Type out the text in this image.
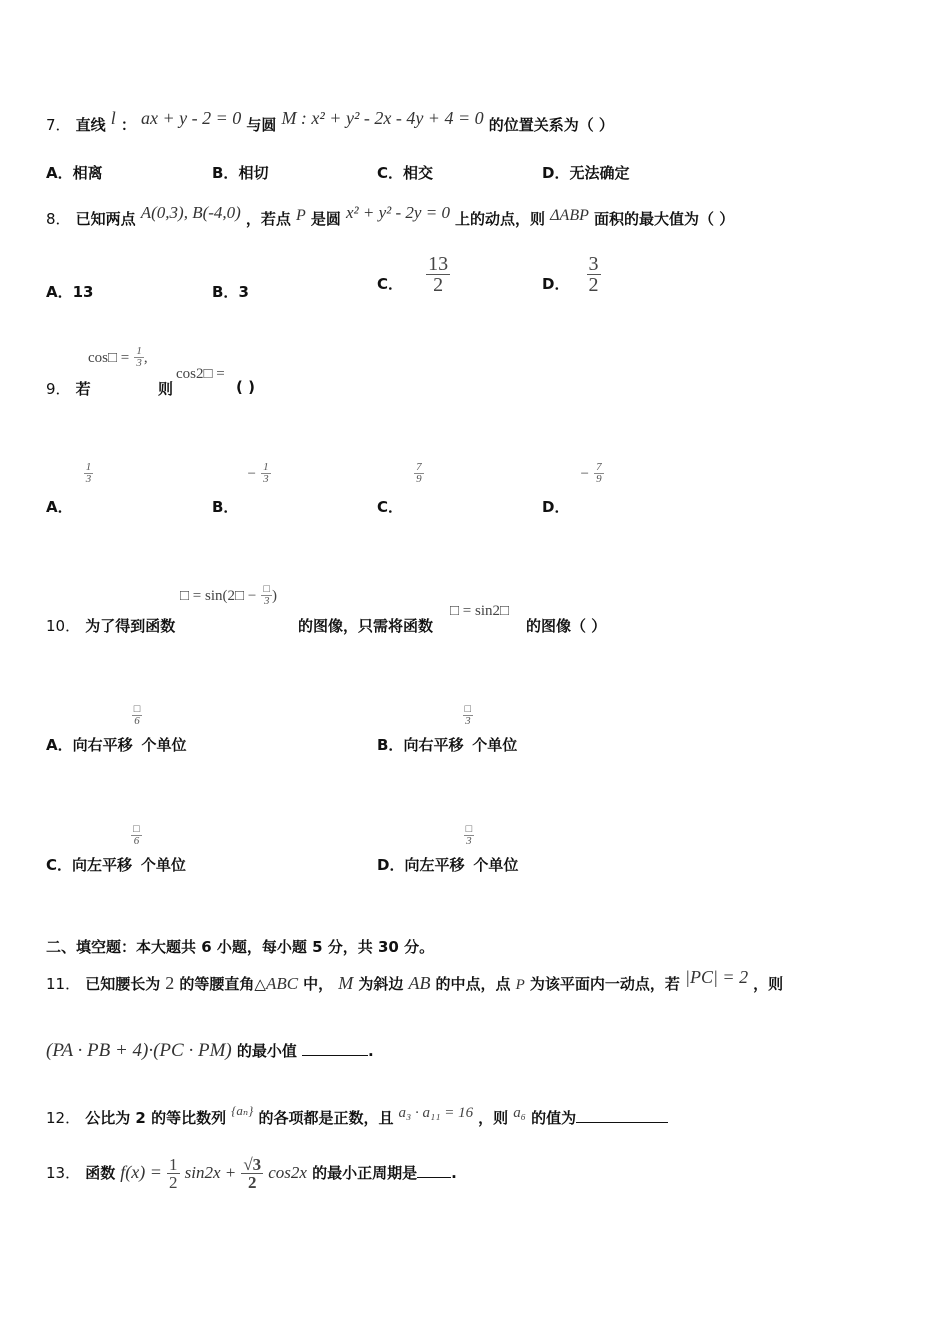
7． 直线 l ： ax + y - 2 = 0 与圆 M : x² + y² - 2x - 4y + 4 = 0 的位置关系为（ ）
A．相离	B．相切	C．相交	D．无法确定
8． 已知两点 A(0,3), B(-4,0) ，若点 P 是圆 x² + y² - 2y = 0 上的动点，则 ΔABP 面积的最大值为（ ）
A．13	B．3	C． $\frac{13}{2}$	D． $\frac{3}{2}$
cos□ = $\frac{1}{3}$ ,
9． 若	则
cos2□ =
( )
A．
$\frac{1}{3}$
B． − $\frac{1}{3}$
C．
$\frac{7}{9}$
D． − $\frac{7}{9}$
□ = sin(2□ − $\frac{□}{3}$ )
10． 为了得到函数	的图像，只需将函数
□ = sin2□
的图像（ ）
A．向右平移
$\frac{□}{6}$
个单位	B．向右平移
$\frac{□}{3}$
个单位
C．向左平移
$\frac{□}{6}$
个单位	D．向左平移
$\frac{□}{3}$
个单位
二、填空题：本大题共 6 小题，每小题 5 分，共 30 分。
11． 已知腰长为 2 的等腰直角△ABC 中， M 为斜边 AB 的中点，点 P 为该平面内一动点，若 |PC| = 2 ，则
(PA · PB + 4)·(PC · PM) 的最小值	.
12． 公比为 2 的等比数列 $^{\{a_n\}}$ 的各项都是正数，且 a₃ · a₁₁ = 16 ，则 a₆ 的值为
13． 函数 $f(x) = \frac{1}{2} \sin 2x + \frac{√3}{2} \cos 2x$ 的最小正周期是 .
